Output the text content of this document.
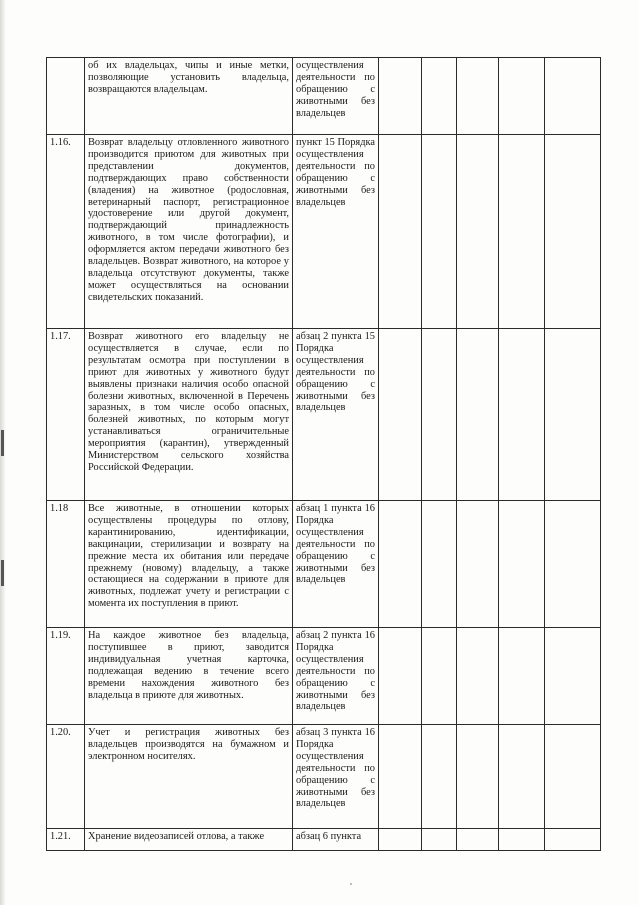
	об их владельцах, чипы и иные метки, позволяющие установить владельца, возвращаются владельцам.	осуществления деятельности по обращению с животными без владельцев					
1.16.	Возврат владельцу отловленного животного производится приютом для животных при представлении документов, подтверждающих право собственности (владения) на животное (родословная, ветеринарный паспорт, регистрационное удостоверение или другой документ, подтверждающий принадлежность животного, в том числе фотографии), и оформляется актом передачи животного без владельцев. Возврат животного, на которое у владельца отсутствуют документы, также может осуществляться на основании свидетельских показаний.	пункт 15 Порядка осуществления деятельности по обращению с животными без владельцев					
1.17.	Возврат животного его владельцу не осуществляется в случае, если по результатам осмотра при поступлении в приют для животных у животного будут выявлены признаки наличия особо опасной болезни животных, включенной в Перечень заразных, в том числе особо опасных, болезней животных, по которым могут устанавливаться ограничительные мероприятия (карантин), утвержденный Министерством сельского хозяйства Российской Федерации.	абзац 2 пункта 15 Порядка осуществления деятельности по обращению с животными без владельцев					
1.18	Все животные, в отношении которых осуществлены процедуры по отлову, карантинированию, идентификации, вакцинации, стерилизации и возврату на прежние места их обитания или передаче прежнему (новому) владельцу, а также остающиеся на содержании в приюте для животных, подлежат учету и регистрации с момента их поступления в приют.	абзац 1 пункта 16 Порядка осуществления деятельности по обращению с животными без владельцев					
1.19.	На каждое животное без владельца, поступившее в приют, заводится индивидуальная учетная карточка, подлежащая ведению в течение всего времени нахождения животного без владельца в приюте для животных.	абзац 2 пункта 16 Порядка осуществления деятельности по обращению с животными без владельцев					
1.20.	Учет и регистрация животных без владельцев производятся на бумажном и электронном носителях.	абзац 3 пункта 16 Порядка осуществления деятельности по обращению с животными без владельцев					
1.21.	Хранение видеозаписей отлова, а также	абзац 6 пункта					
